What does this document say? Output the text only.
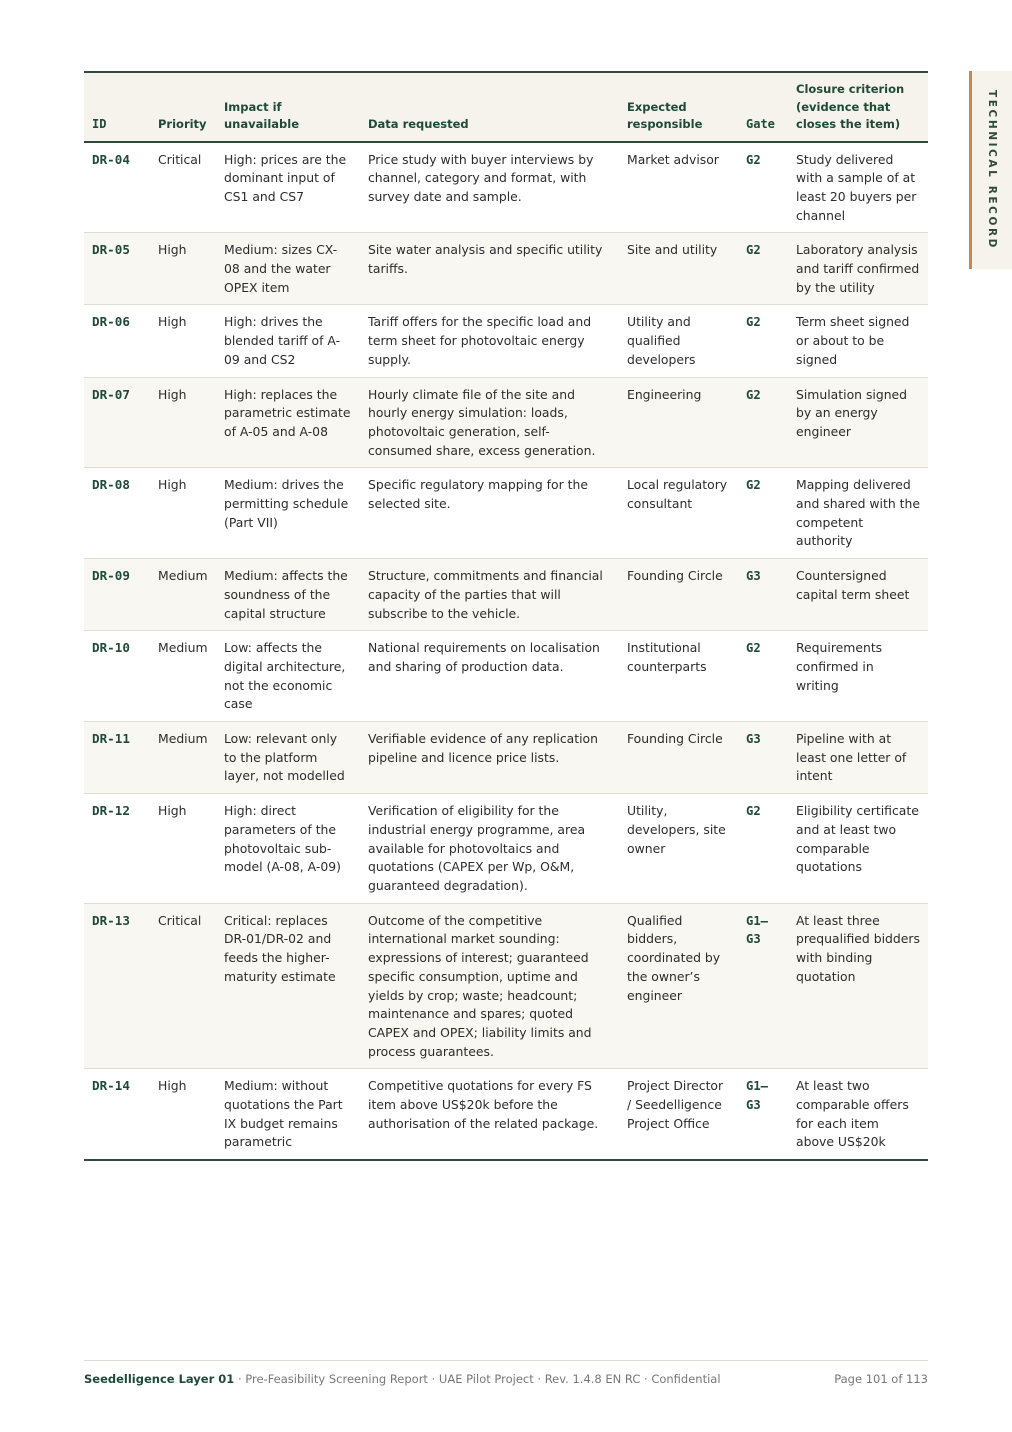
TECHNICAL RECORD
ID	Priority	Impact if unavailable	Data requested	Expected responsible	Gate	Closure criterion (evidence that closes the item)
DR-04	Critical	High: prices are the dominant input of CS1 and CS7	Price study with buyer interviews by channel, category and format, with survey date and sample.	Market advisor	G2	Study delivered with a sample of at least 20 buyers per channel
DR-05	High	Medium: sizes CX-08 and the water OPEX item	Site water analysis and specific utility tariffs.	Site and utility	G2	Laboratory analysis and tariff confirmed by the utility
DR-06	High	High: drives the blended tariff of A-09 and CS2	Tariff offers for the specific load and term sheet for photovoltaic energy supply.	Utility and qualified developers	G2	Term sheet signed or about to be signed
DR-07	High	High: replaces the parametric estimate of A-05 and A-08	Hourly climate file of the site and hourly energy simulation: loads, photovoltaic generation, self-consumed share, excess generation.	Engineering	G2	Simulation signed by an energy engineer
DR-08	High	Medium: drives the permitting schedule (Part VII)	Specific regulatory mapping for the selected site.	Local regulatory consultant	G2	Mapping delivered and shared with the competent authority
DR-09	Medium	Medium: affects the soundness of the capital structure	Structure, commitments and financial capacity of the parties that will subscribe to the vehicle.	Founding Circle	G3	Countersigned capital term sheet
DR-10	Medium	Low: affects the digital architecture, not the economic case	National requirements on localisation and sharing of production data.	Institutional counterparts	G2	Requirements confirmed in writing
DR-11	Medium	Low: relevant only to the platform layer, not modelled	Verifiable evidence of any replication pipeline and licence price lists.	Founding Circle	G3	Pipeline with at least one letter of intent
DR-12	High	High: direct parameters of the photovoltaic sub-model (A-08, A-09)	Verification of eligibility for the industrial energy programme, area available for photovoltaics and quotations (CAPEX per Wp, O&M, guaranteed degradation).	Utility, developers, site owner	G2	Eligibility certificate and at least two comparable quotations
DR-13	Critical	Critical: replaces DR-01/DR-02 and feeds the higher-maturity estimate	Outcome of the competitive international market sounding: expressions of interest; guaranteed specific consumption, uptime and yields by crop; waste; headcount; maintenance and spares; quoted CAPEX and OPEX; liability limits and process guarantees.	Qualified bidders, coordinated by the owner’s engineer	G1–G3	At least three prequalified bidders with binding quotation
DR-14	High	Medium: without quotations the Part IX budget remains parametric	Competitive quotations for every FS item above US$20k before the authorisation of the related package.	Project Director / Seedelligence Project Office	G1–G3	At least two comparable offers for each item above US$20k
Seedelligence Layer 01 · Pre-Feasibility Screening Report · UAE Pilot Project · Rev. 1.4.8 EN RC · Confidential	Page 101 of 113
